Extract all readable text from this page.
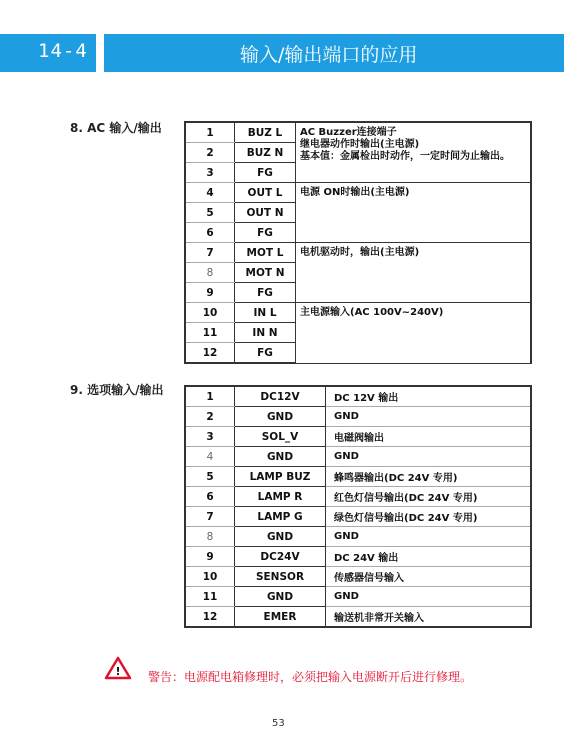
14-4	输入/输出端口的应用
8. AC 输入/输出	1	BUZ L	AC Buzzer连接端子
继电器动作时输出(主电源)
基本值：金属检出时动作，一定时间为止输出。

2	BUZ N	
3	FG	
4	OUT L	电源 ON时输出(主电源)

5	OUT N	
6	FG	
7	MOT L	电机驱动时，输出(主电源)

8	MOT N	
9	FG	
10	IN L	主电源输入(AC 100V~240V)

11	IN N	
12	FG	
9. 选项输入/输出	1	DC12V	DC 12V 输出
2	GND	GND
3	SOL_V	电磁阀输出
4	GND	GND
5	LAMP BUZ	蜂鸣器输出(DC 24V 专用)
6	LAMP R	红色灯信号输出(DC 24V 专用)
7	LAMP G	绿色灯信号输出(DC 24V 专用)
8	GND	GND
9	DC24V	DC 24V 输出
10	SENSOR	传感器信号输入
11	GND	GND
12	EMER	输送机非常开关输入
! 警告：电源配电箱修理时，必须把输入电源断开后进行修理。
53
